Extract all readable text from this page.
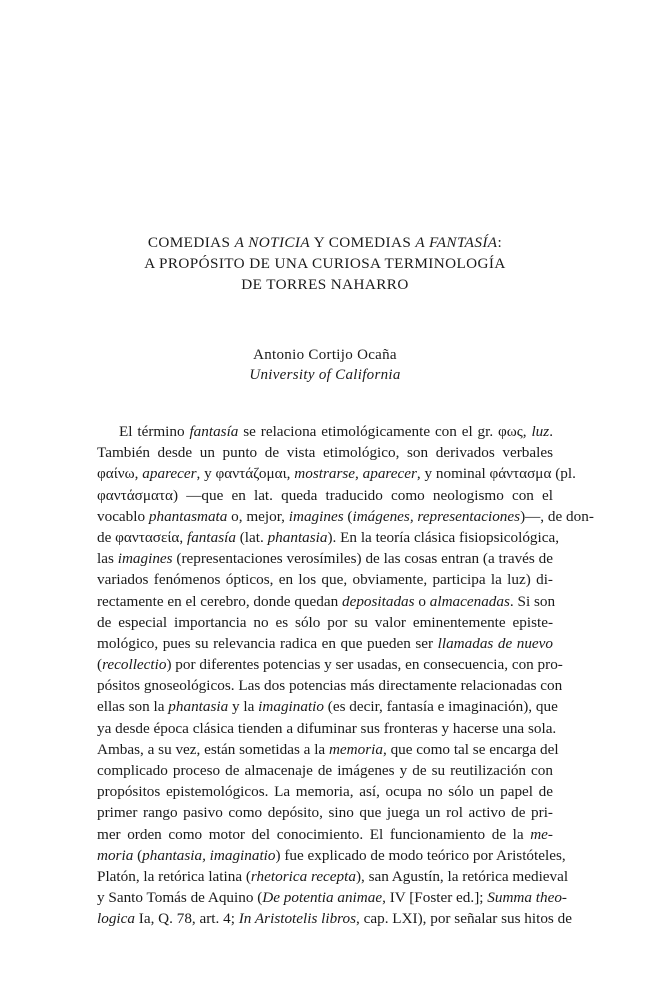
COMEDIAS A NOTICIA Y COMEDIAS A FANTASÍA:
A PROPÓSITO DE UNA CURIOSA TERMINOLOGÍA
DE TORRES NAHARRO
Antonio Cortijo Ocaña
University of California
El término fantasía se relaciona etimológicamente con el gr. φως, luz.
También desde un punto de vista etimológico, son derivados verbales
φαίνω, aparecer, y φαντάζομαι, mostrarse, aparecer, y nominal φάντασμα (pl.
φαντάσματα) —que en lat. queda traducido como neologismo con el
vocablo phantasmata o, mejor, imagines (imágenes, representaciones)—, de don-
de φαντασεία, fantasía (lat. phantasia). En la teoría clásica fisiopsicológica,
las imagines (representaciones verosímiles) de las cosas entran (a través de
variados fenómenos ópticos, en los que, obviamente, participa la luz) di-
rectamente en el cerebro, donde quedan depositadas o almacenadas. Si son
de especial importancia no es sólo por su valor eminentemente episte-
mológico, pues su relevancia radica en que pueden ser llamadas de nuevo
(recollectio) por diferentes potencias y ser usadas, en consecuencia, con pro-
pósitos gnoseológicos. Las dos potencias más directamente relacionadas con
ellas son la phantasia y la imaginatio (es decir, fantasía e imaginación), que
ya desde época clásica tienden a difuminar sus fronteras y hacerse una sola.
Ambas, a su vez, están sometidas a la memoria, que como tal se encarga del
complicado proceso de almacenaje de imágenes y de su reutilización con
propósitos epistemológicos. La memoria, así, ocupa no sólo un papel de
primer rango pasivo como depósito, sino que juega un rol activo de pri-
mer orden como motor del conocimiento. El funcionamiento de la me-
moria (phantasia, imaginatio) fue explicado de modo teórico por Aristóteles,
Platón, la retórica latina (rhetorica recepta), san Agustín, la retórica medieval
y Santo Tomás de Aquino (De potentia animae, IV [Foster ed.]; Summa theo-
logica Ia, Q. 78, art. 4; In Aristotelis libros, cap. LXI), por señalar sus hitos de
